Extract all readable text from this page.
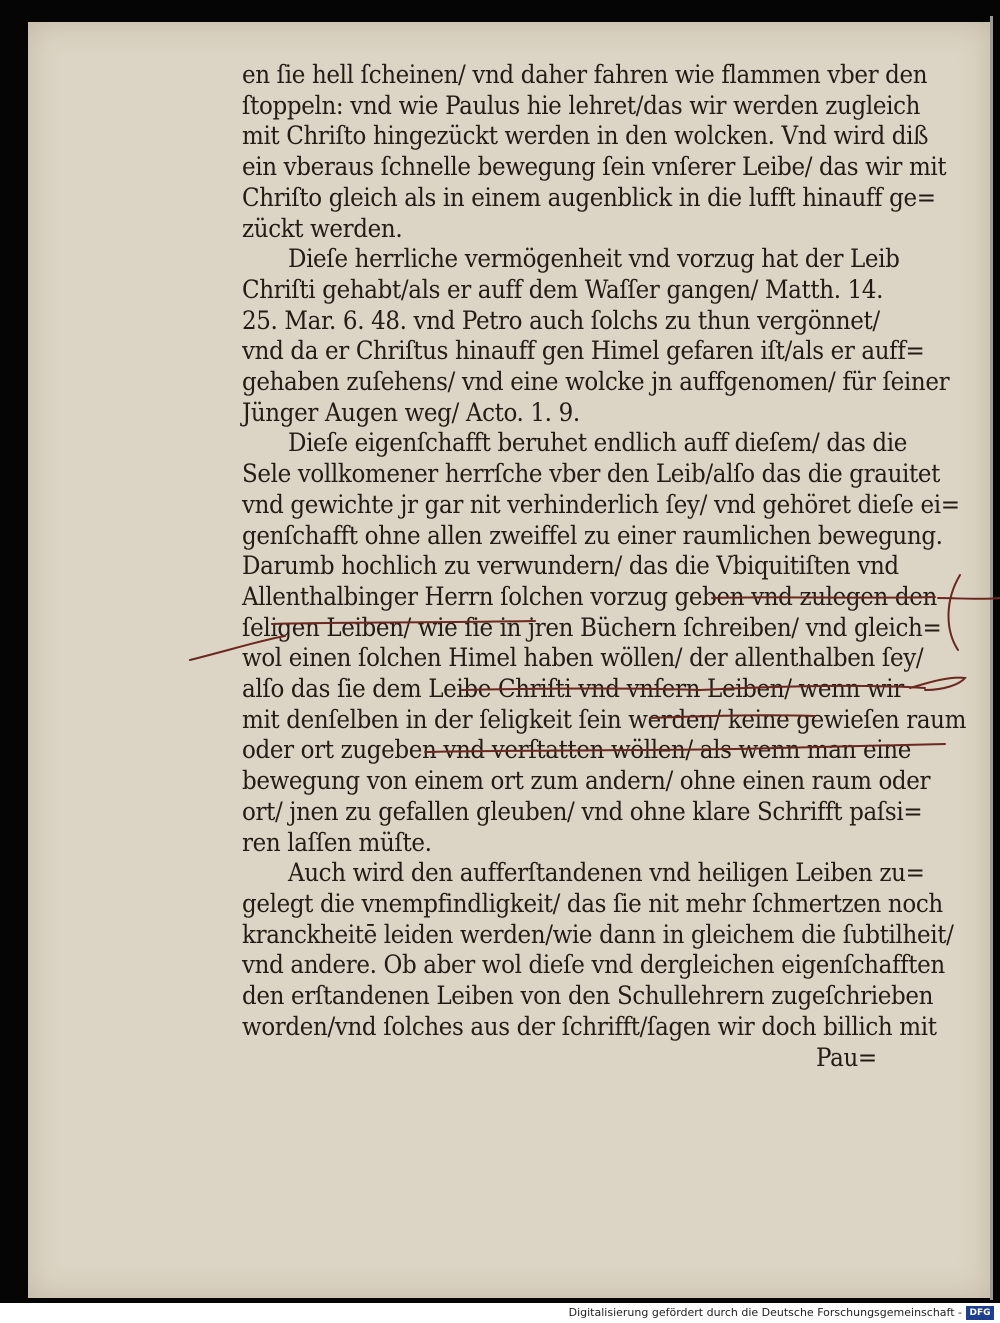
en ſie hell ſcheinen/ vnd daher fahren wie flammen vber den
ſtoppeln: vnd wie Paulus hie lehret/das wir werden zugleich
mit Chriſto hingezückt werden in den wolcken. Vnd wird diß
ein vberaus ſchnelle bewegung ſein vnſerer Leibe/ das wir mit
Chriſto gleich als in einem augenblick in die lufft hinauff ge=
zückt werden.
Dieſe herrliche vermögenheit vnd vorzug hat der Leib
Chriſti gehabt/als er auff dem Waſſer gangen/ Matth. 14.
25. Mar. 6. 48. vnd Petro auch ſolchs zu thun vergönnet/
vnd da er Chriſtus hinauff gen Himel gefaren iſt/als er auff=
gehaben zuſehens/ vnd eine wolcke jn auffgenomen/ für ſeiner
Jünger Augen weg/ Acto. 1. 9.
Dieſe eigenſchafft beruhet endlich auff dieſem/ das die
Sele vollkomener herrſche vber den Leib/alſo das die grauitet
vnd gewichte jr gar nit verhinderlich ſey/ vnd gehöret dieſe ei=
genſchafft ohne allen zweiffel zu einer raumlichen bewegung.
Darumb hochlich zu verwundern/ das die Vbiquitiſten vnd
Allenthalbinger Herrn ſolchen vorzug geben vnd zulegen den
ſeligen Leiben/ wie ſie in jren Büchern ſchreiben/ vnd gleich=
wol einen ſolchen Himel haben wöllen/ der allenthalben ſey/
alſo das ſie dem Leibe Chriſti vnd vnſern Leiben/ wenn wir
mit denſelben in der ſeligkeit ſein werden/ keine gewieſen raum
oder ort zugeben vnd verſtatten wöllen/ als wenn man eine
bewegung von einem ort zum andern/ ohne einen raum oder
ort/ jnen zu gefallen gleuben/ vnd ohne klare Schrifft paſsi=
ren laſſen müſte.
Auch wird den aufferſtandenen vnd heiligen Leiben zu=
gelegt die vnempfindligkeit/ das ſie nit mehr ſchmertzen noch
kranckheitē leiden werden/wie dann in gleichem die ſubtilheit/
vnd andere. Ob aber wol dieſe vnd dergleichen eigenſchafften
den erſtandenen Leiben von den Schullehrern zugeſchrieben
worden/vnd ſolches aus der ſchrifft/ſagen wir doch billich mit
Pau=
Digitalisierung gefördert durch die Deutsche Forschungsgemeinschaft - DFG
